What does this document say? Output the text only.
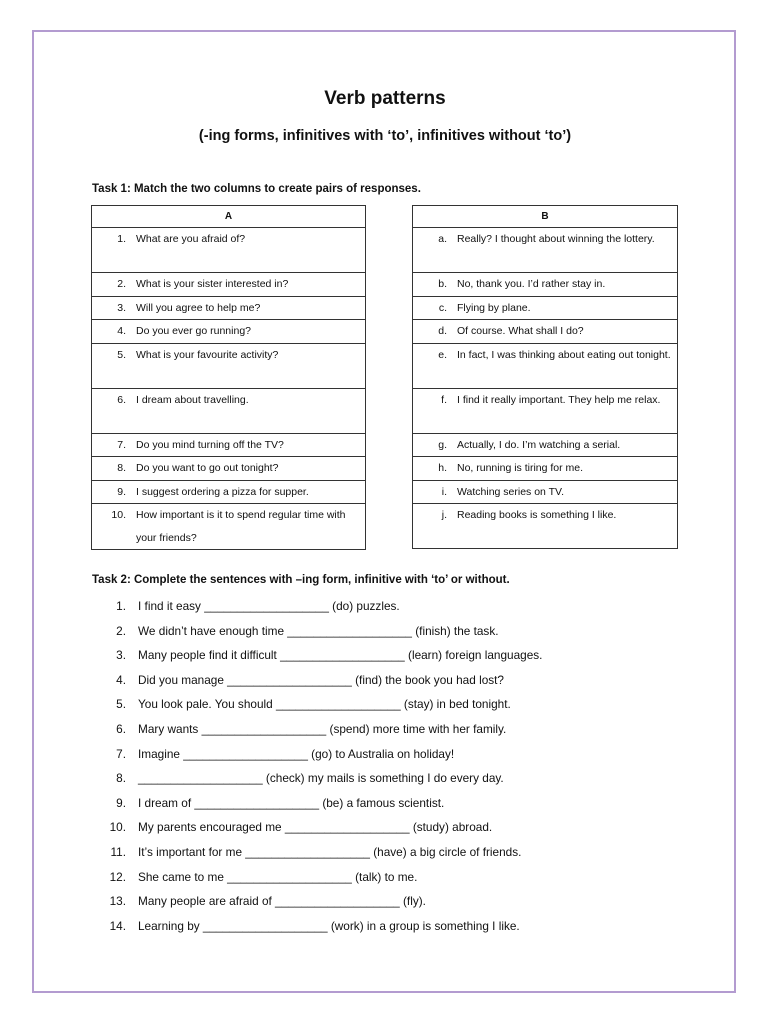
Verb patterns
(-ing forms, infinitives with ‘to’, infinitives without ‘to’)
Task 1: Match the two columns to create pairs of responses.
A

1. What are you afraid of?

2. What is your sister interested in?

3. Will you agree to help me?

4. Do you ever go running?

5. What is your favourite activity?

6. I dream about travelling.

7. Do you mind turning off the TV?

8. Do you want to go out tonight?

9. I suggest ordering a pizza for supper.

10. How important is it to spend regular time with your friends?
B

a. Really? I thought about winning the lottery.

b. No, thank you. I’d rather stay in.

c. Flying by plane.

d. Of course. What shall I do?

e. In fact, I was thinking about eating out tonight.

f. I find it really important. They help me relax.

g. Actually, I do. I’m watching a serial.

h. No, running is tiring for me.

i. Watching series on TV.

j. Reading books is something I like.
Task 2: Complete the sentences with –ing form, infinitive with ‘to’ or without.
1.	I find it easy ___________________ (do) puzzles.
2.	We didn’t have enough time ___________________ (finish) the task.
3.	Many people find it difficult ___________________ (learn) foreign languages.
4.	Did you manage ___________________ (find) the book you had lost?
5.	You look pale. You should ___________________ (stay) in bed tonight.
6.	Mary wants ___________________ (spend) more time with her family.
7.	Imagine ___________________ (go) to Australia on holiday!
8.	___________________ (check) my mails is something I do every day.
9.	I dream of ___________________ (be) a famous scientist.
10.	My parents encouraged me ___________________ (study) abroad.
11.	It’s important for me ___________________ (have) a big circle of friends.
12.	She came to me ___________________ (talk) to me.
13.	Many people are afraid of ___________________ (fly).
14.	Learning by ___________________ (work) in a group is something I like.
